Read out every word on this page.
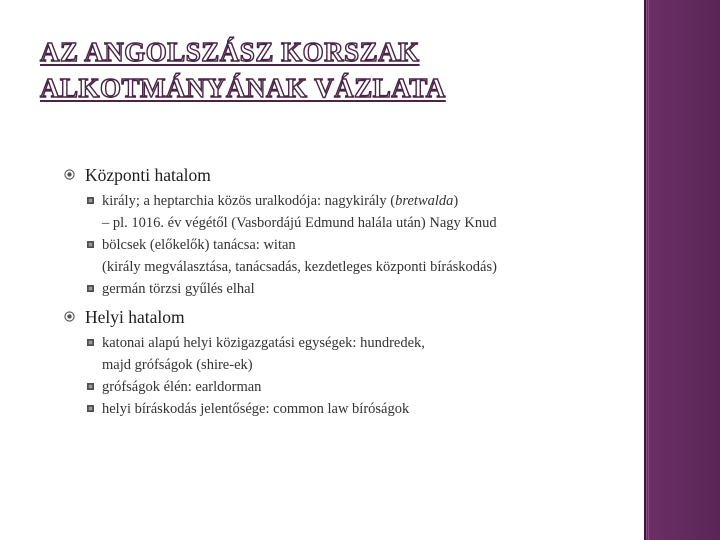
AZ ANGOLSZÁSZ KORSZAK
ALKOTMÁNYÁNAK VÁZLATA
Központi hatalom
király; a heptarchia közös uralkodója: nagykirály (bretwalda)
– pl. 1016. év végétől (Vasbordájú Edmund halála után) Nagy Knud
bölcsek (előkelők) tanácsa: witan
(király megválasztása, tanácsadás, kezdetleges központi bíráskodás)
germán törzsi gyűlés elhal
Helyi hatalom
katonai alapú helyi közigazgatási egységek: hundredek,
majd grófságok (shire-ek)
grófságok élén: earldorman
helyi bíráskodás jelentősége: common law bíróságok
